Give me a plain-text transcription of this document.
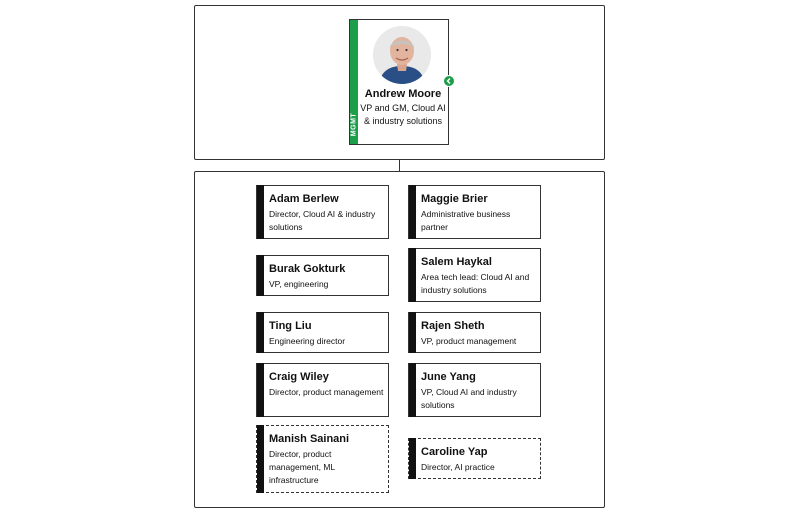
MGMT
Andrew Moore
VP and GM, Cloud AI & industry solutions
Adam Berlew
Director, Cloud AI & industry solutions
Burak Gokturk
VP, engineering
Ting Liu
Engineering director
Craig Wiley
Director, product management
Manish Sainani
Director, product management, ML infrastructure
Maggie Brier
Administrative business partner
Salem Haykal
Area tech lead: Cloud AI and industry solutions
Rajen Sheth
VP, product management
June Yang
VP, Cloud AI and industry solutions
Caroline Yap
Director, AI practice
